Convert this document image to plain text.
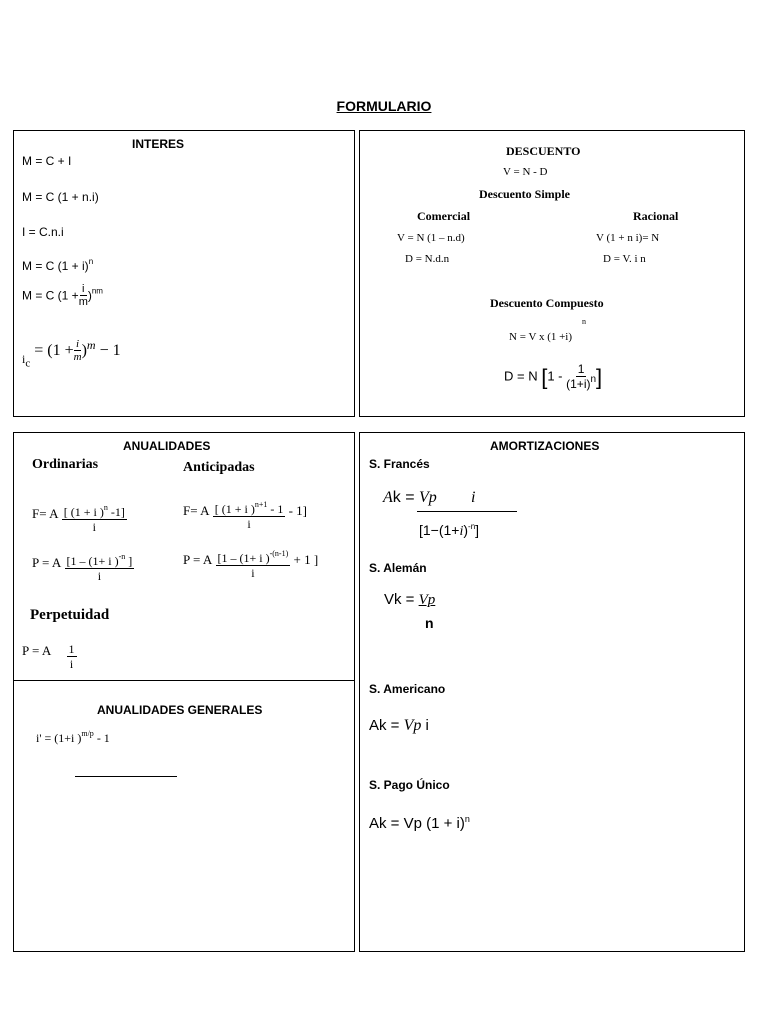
FORMULARIO
INTERES
M = C + I
M = C (1 + n.i)
I = C.n.i
M = C $(1 + i)^n$
M = C $(1 + \frac{i}{m} )^{nm}$
$_{i_c} = (1 + \frac{i}{m} )^m - 1$
DESCUENTO
V = N - D
Descuento Simple
Comercial	Racional
V = N (1 – n.d)
D = N.d.n
V (1 + n i)= N
D = V. i n
Descuento Compuesto
n
N = V x (1 +i)
D = N [$1 - \frac{1}{(1+i)^n}$ ]
ANUALIDADES
Ordinarias	Anticipadas
F= A $\frac{[ (1 + i )^n -1]}{i}$
P = A $\frac{[1 - (1+ i )^{-n} ]}{i}$
F= A $\frac{[ (1 + i )^{n+1} - 1}{i} - 1$]
P = A $\frac{[1 - (1+ i )^{-(n-1)}}{i} + 1$ ]
Perpetuidad
P = A $\frac{1}{i}$
ANUALIDADES GENERALES
i' = (1+i )$^{m/p}$ - 1
AMORTIZACIONES
S. Francés
Ak = Vp i
$[1-(1+i)^{-n}]$
S. Alemán
Vk = Vp
n
S. Americano
Ak = Vp i
S. Pago Único
Ak = Vp $(1 + i)^n$
